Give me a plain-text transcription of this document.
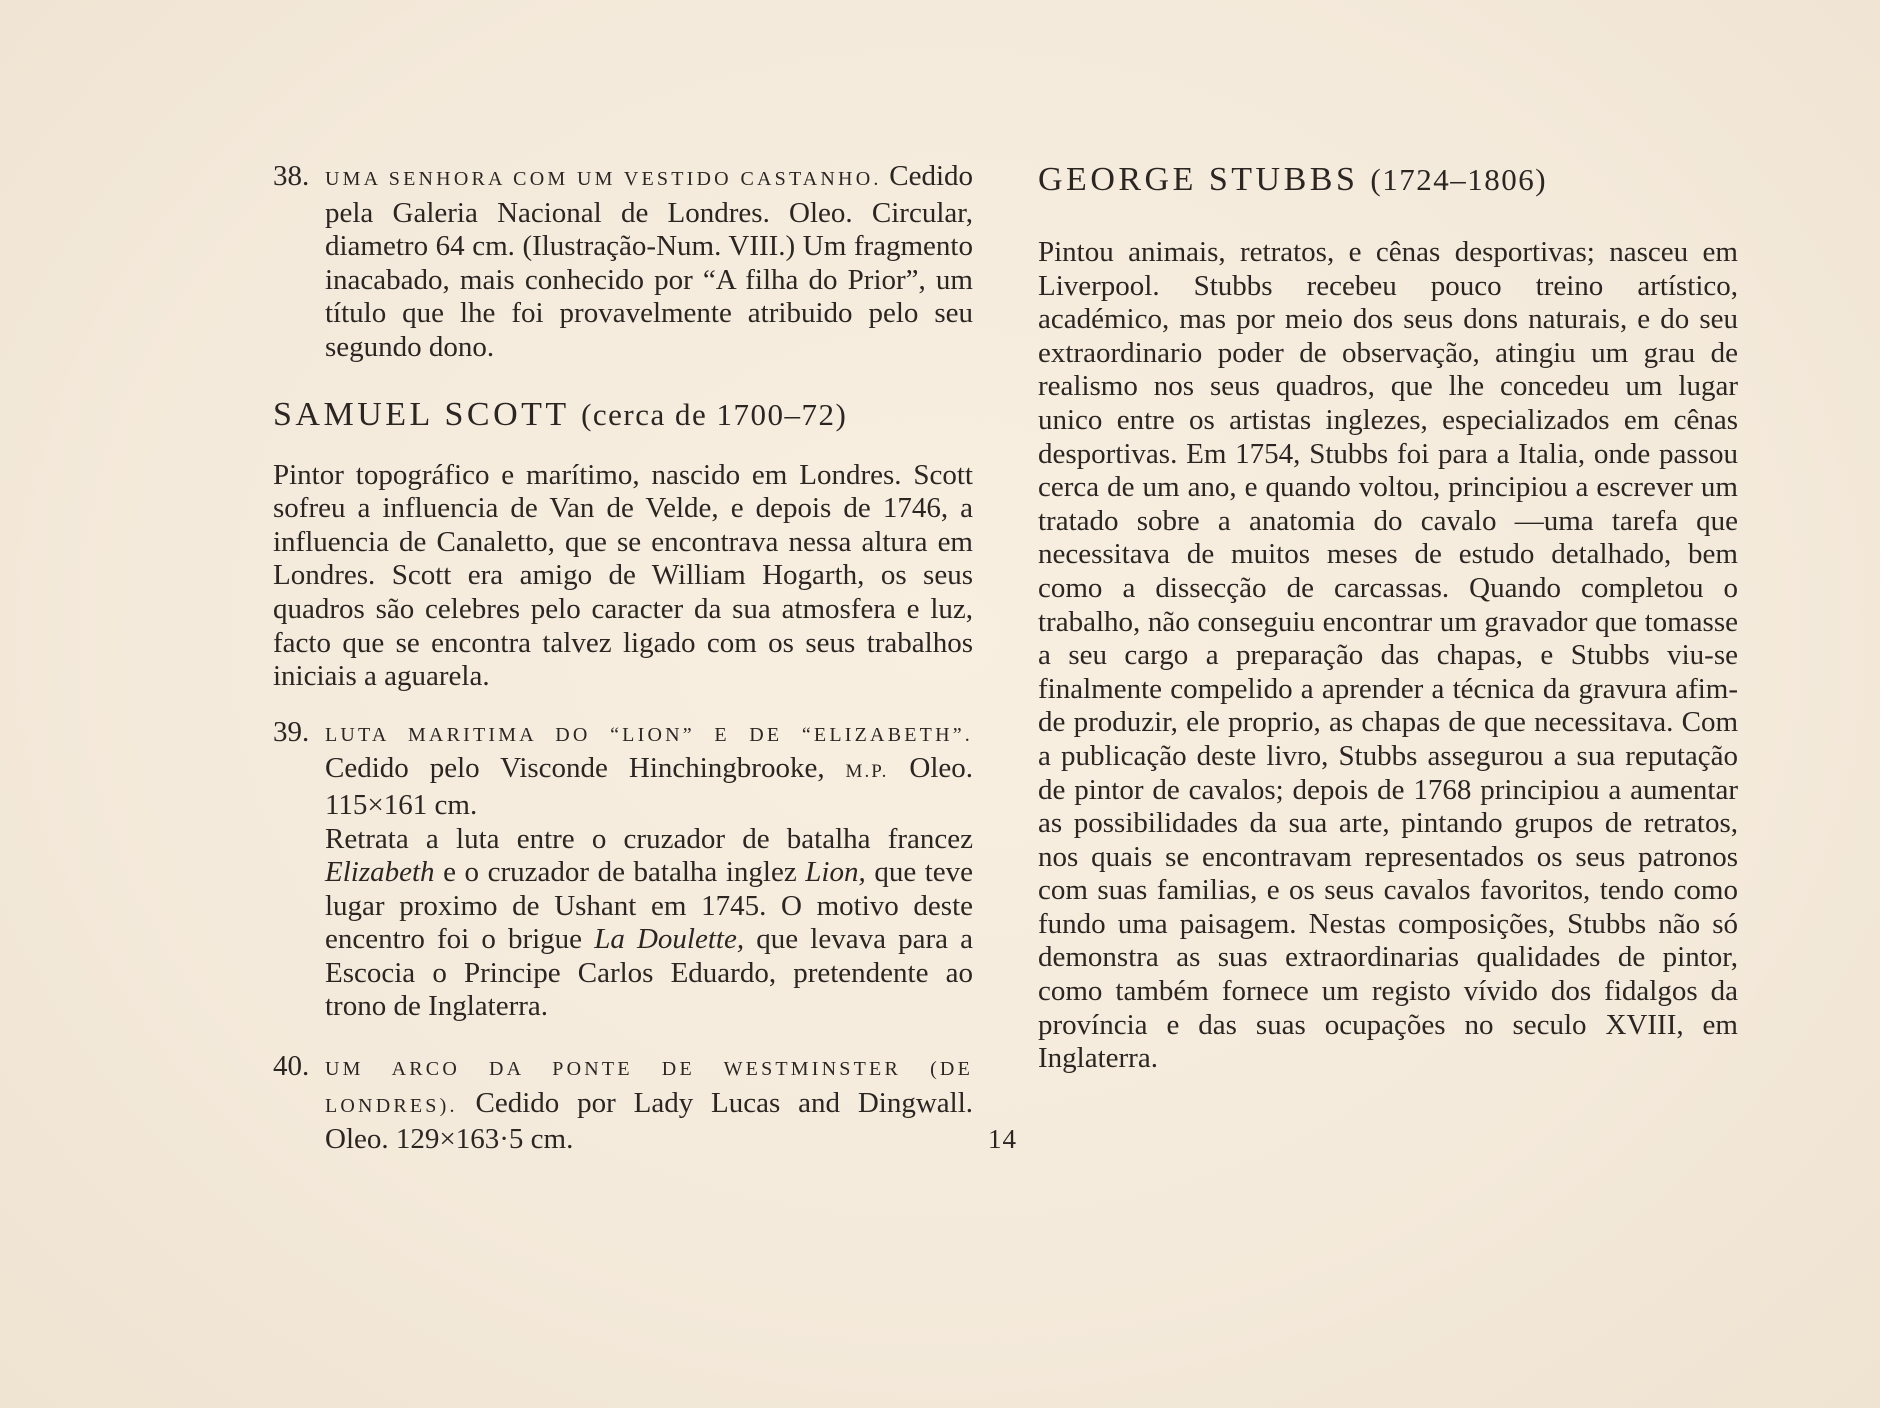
38. UMA SENHORA COM UM VESTIDO CASTANHO. Cedido pela Galeria Nacional de Londres. Oleo. Circular, diametro 64 cm. (Ilustração-Num. VIII.) Um fragmento inacabado, mais conhecido por “A filha do Prior”, um título que lhe foi provavelmente atribuido pelo seu segundo dono.

SAMUEL SCOTT (cerca de 1700–72)

Pintor topográfico e marítimo, nascido em Londres. Scott sofreu a influencia de Van de Velde, e depois de 1746, a influencia de Canaletto, que se encontrava nessa altura em Londres. Scott era amigo de William Hogarth, os seus quadros são celebres pelo caracter da sua atmosfera e luz, facto que se encontra talvez ligado com os seus trabalhos iniciais a aguarela.

39. LUTA MARITIMA DO “LION” E DE “ELIZABETH”. Cedido pelo Visconde Hinchingbrooke, M.P. Oleo. 115×161 cm.

Retrata a luta entre o cruzador de batalha francez Elizabeth e o cruzador de batalha inglez Lion, que teve lugar proximo de Ushant em 1745. O motivo deste encentro foi o brigue La Doulette, que levava para a Escocia o Principe Carlos Eduardo, pretendente ao trono de Inglaterra.

40. UM ARCO DA PONTE DE WESTMINSTER (DE LONDRES). Cedido por Lady Lucas and Dingwall. Oleo. 129×163·5 cm.

GEORGE STUBBS (1724–1806)

Pintou animais, retratos, e cênas desportivas; nasceu em Liverpool. Stubbs recebeu pouco treino artístico, académico, mas por meio dos seus dons naturais, e do seu extraordinario poder de observação, atingiu um grau de realismo nos seus quadros, que lhe concedeu um lugar unico entre os artistas inglezes, especializados em cênas desportivas. Em 1754, Stubbs foi para a Italia, onde passou cerca de um ano, e quando voltou, principiou a escrever um tratado sobre a anatomia do cavalo —uma tarefa que necessitava de muitos meses de estudo detalhado, bem como a dissecção de carcassas. Quando completou o trabalho, não conseguiu encontrar um gravador que tomasse a seu cargo a preparação das chapas, e Stubbs viu-se finalmente compelido a aprender a técnica da gravura afim-de produzir, ele proprio, as chapas de que necessitava. Com a publicação deste livro, Stubbs assegurou a sua reputação de pintor de cavalos; depois de 1768 principiou a aumentar as possibilidades da sua arte, pintando grupos de retratos, nos quais se encontravam representados os seus patronos com suas familias, e os seus cavalos favoritos, tendo como fundo uma paisagem. Nestas composições, Stubbs não só demonstra as suas extraordinarias qualidades de pintor, como também fornece um registo vívido dos fidalgos da província e das suas ocupações no seculo XVIII, em Inglaterra.

14
